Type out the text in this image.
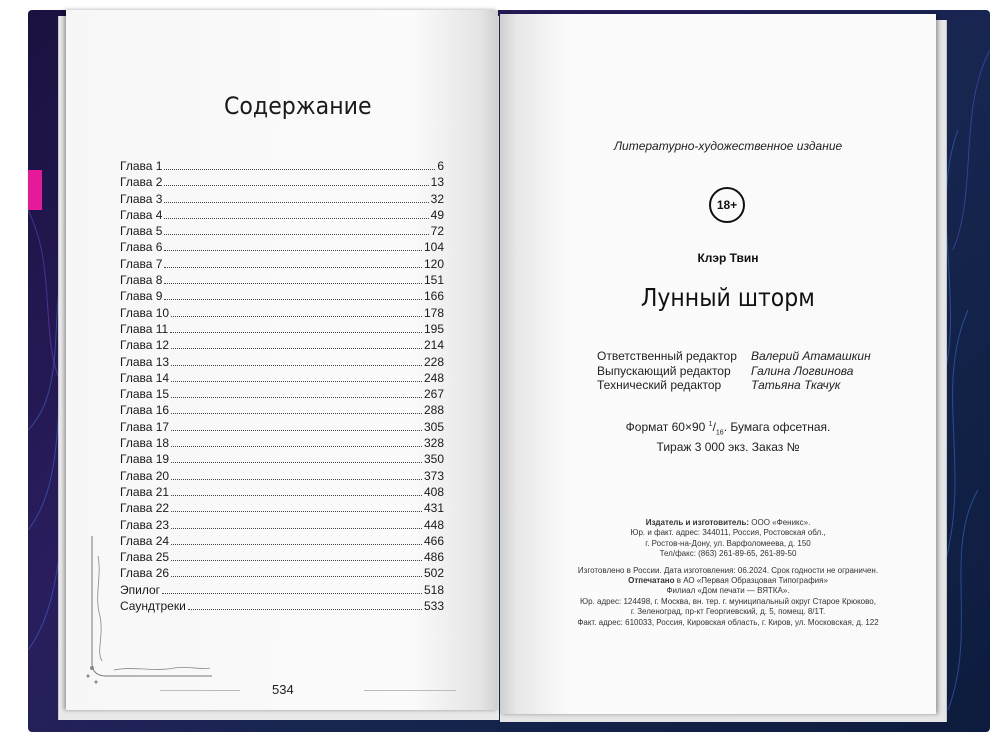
Содержание
Глава 1	6
Глава 2	13
Глава 3	32
Глава 4	49
Глава 5	72
Глава 6	104
Глава 7	120
Глава 8	151
Глава 9	166
Глава 10	178
Глава 11	195
Глава 12	214
Глава 13	228
Глава 14	248
Глава 15	267
Глава 16	288
Глава 17	305
Глава 18	328
Глава 19	350
Глава 20	373
Глава 21	408
Глава 22	431
Глава 23	448
Глава 24	466
Глава 25	486
Глава 26	502
Эпилог	518
Саундтреки	533
534
Литературно-художественное издание
18+
Клэр Твин
Лунный шторм
Ответственный редактор	Валерий Атамашкин
Выпускающий редактор	Галина Логвинова
Технический редактор	Татьяна Ткачук
Формат 60×90 $^1/_{16}$. Бумага офсетная.
Тираж 3 000 экз. Заказ №

Издатель и изготовитель: ООО «Феникс».

Юр. и факт. адрес: 344011, Россия, Ростовская обл.,

г. Ростов-на-Дону, ул. Варфоломеева, д. 150

Тел/факс: (863) 261-89-65, 261-89-50

Изготовлено в России. Дата изготовления: 06.2024. Срок годности не ограничен.

Отпечатано в АО «Первая Образцовая Типография»

Филиал «Дом печати — ВЯТКА».

Юр. адрес: 124498, г. Москва, вн. тер. г. муниципальный округ Старое Крюково,

г. Зеленоград, пр-кт Георгиевский, д. 5, помещ. 8/1Т.

Факт. адрес: 610033, Россия, Кировская область, г. Киров, ул. Московская, д. 122
